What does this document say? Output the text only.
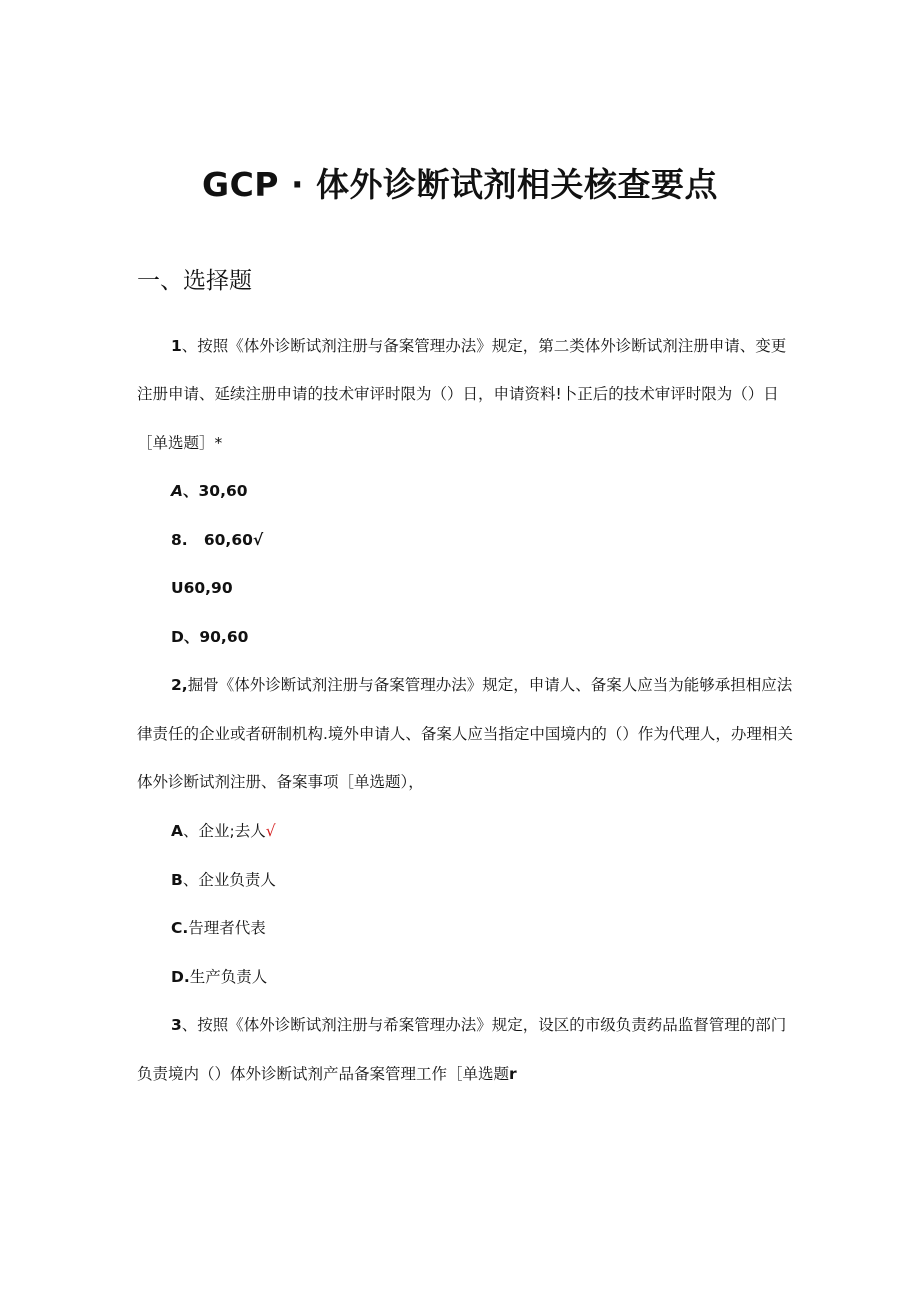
GCP · 体外诊断试剂相关核查要点
一、选择题

1、按照《体外诊断试剂注册与备案管理办法》规定，第二类体外诊断试剂注册申请、变更

注册申请、延续注册申请的技术审评时限为（）日，申请资料!卜正后的技术审评时限为（）日

［单选题］*

A、30,60

8.   60,60√

U60,90

D、90,60

2,掘骨《体外诊断试剂注册与备案管理办法》规定，申请人、备案人应当为能够承担相应法

律责任的企业或者研制机构.境外申请人、备案人应当指定中国境内的（）作为代理人，办理相关

体外诊断试剂注册、备案事项［单选题），

A、企业;去人√

B、企业负责人

C.告理者代表

D.生产负责人

3、按照《体外诊断试剂注册与希案管理办法》规定，设区的市级负责药品监督管理的部门

负责境内（）体外诊断试剂产品备案管理工作［单选题r
